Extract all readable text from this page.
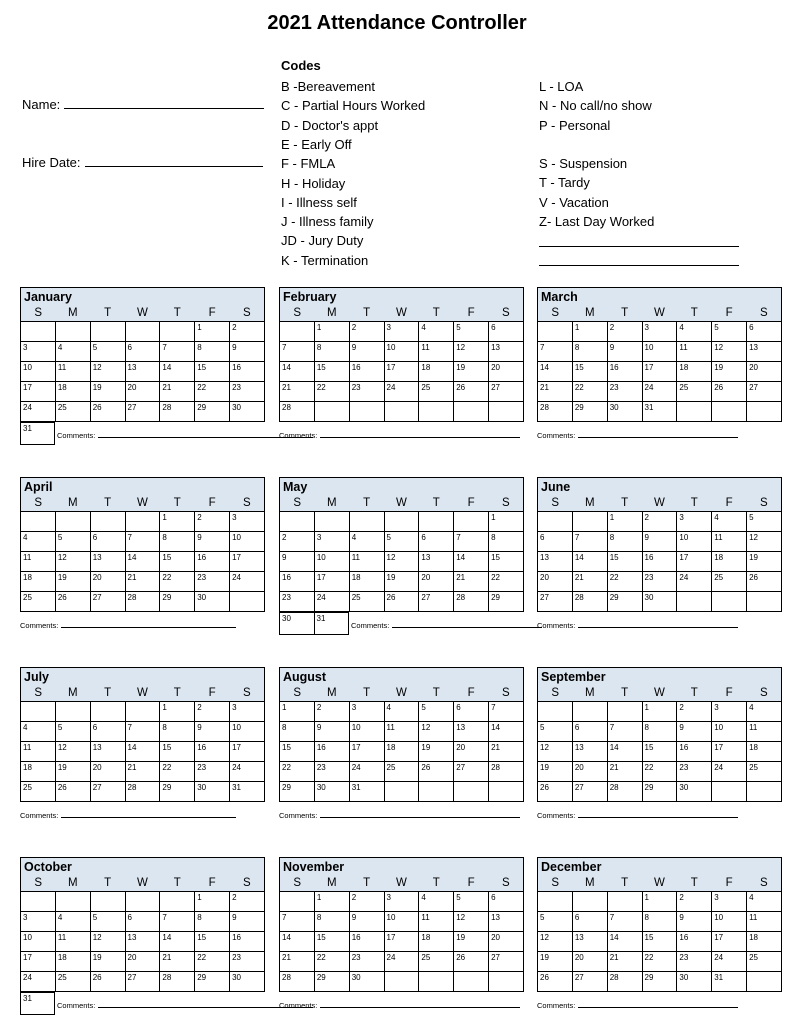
2021 Attendance Controller
Name:
Hire Date:
Codes
B -Bereavement
C - Partial Hours Worked
D - Doctor's appt
E - Early Off
F - FMLA
H - Holiday
I - Illness self
J - Illness family
JD - Jury Duty
K - Termination
L - LOA
N - No call/no show
P - Personal
S - Suspension
T - Tardy
V - Vacation
Z- Last Day Worked
January
S	M	T	W	T	F	S
					1	2
3	4	5	6	7	8	9
10	11	12	13	14	15	16
17	18	19	20	21	22	23
24	25	26	27	28	29	30
31
Comments:
February
S	M	T	W	T	F	S
	1	2	3	4	5	6
7	8	9	10	11	12	13
14	15	16	17	18	19	20
21	22	23	24	25	26	27
28						
Comments:
March
S	M	T	W	T	F	S
	1	2	3	4	5	6
7	8	9	10	11	12	13
14	15	16	17	18	19	20
21	22	23	24	25	26	27
28	29	30	31			
Comments:
April
S	M	T	W	T	F	S
				1	2	3
4	5	6	7	8	9	10
11	12	13	14	15	16	17
18	19	20	21	22	23	24
25	26	27	28	29	30	
Comments:
May
S	M	T	W	T	F	S
						1
2	3	4	5	6	7	8
9	10	11	12	13	14	15
16	17	18	19	20	21	22
23	24	25	26	27	28	29
30	31
Comments:
June
S	M	T	W	T	F	S
		1	2	3	4	5
6	7	8	9	10	11	12
13	14	15	16	17	18	19
20	21	22	23	24	25	26
27	28	29	30			
Comments:
July
S	M	T	W	T	F	S
				1	2	3
4	5	6	7	8	9	10
11	12	13	14	15	16	17
18	19	20	21	22	23	24
25	26	27	28	29	30	31
Comments:
August
S	M	T	W	T	F	S
1	2	3	4	5	6	7
8	9	10	11	12	13	14
15	16	17	18	19	20	21
22	23	24	25	26	27	28
29	30	31				
Comments:
September
S	M	T	W	T	F	S
			1	2	3	4
5	6	7	8	9	10	11
12	13	14	15	16	17	18
19	20	21	22	23	24	25
26	27	28	29	30		
Comments:
October
S	M	T	W	T	F	S
					1	2
3	4	5	6	7	8	9
10	11	12	13	14	15	16
17	18	19	20	21	22	23
24	25	26	27	28	29	30
31
Comments:
November
S	M	T	W	T	F	S
	1	2	3	4	5	6
7	8	9	10	11	12	13
14	15	16	17	18	19	20
21	22	23	24	25	26	27
28	29	30				
Comments:
December
S	M	T	W	T	F	S
			1	2	3	4
5	6	7	8	9	10	11
12	13	14	15	16	17	18
19	20	21	22	23	24	25
26	27	28	29	30	31	
Comments:
